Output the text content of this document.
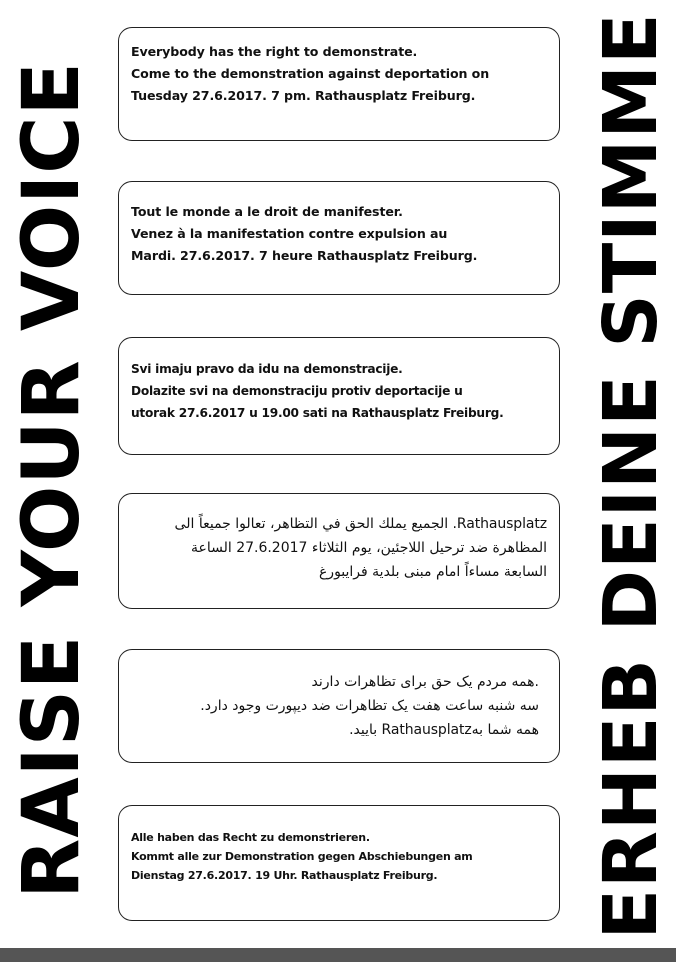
RAISE YOUR VOICE	ERHEB DEINE STIMME

Everybody has the right to demonstrate.
Come to the demonstration against deportation on
Tuesday 27.6.2017. 7 pm. Rathausplatz Freiburg.

Tout le monde a le droit de manifester.
Venez à la manifestation contre expulsion au
Mardi. 27.6.2017. 7 heure Rathausplatz Freiburg.

Svi imaju pravo da idu na demonstracije.
Dolazite svi na demonstraciju protiv deportacije u
utorak 27.6.2017 u 19.00 sati na Rathausplatz Freiburg.

Rathausplatz. الجميع يملك الحق في التظاهر، تعالوا جميعاً الى
المظاهرة ضد ترحيل اللاجئين، يوم الثلاثاء 27.6.2017 الساعة
السابعة مساءاً امام مبنى بلدية فرايبورغ

.همه مردم یک حق برای تظاهرات دارند
سه شنبه ساعت هفت یک تظاهرات ضد دیپورت وجود دارد.
همه شما بهRathausplatz بایید.

Alle haben das Recht zu demonstrieren.
Kommt alle zur Demonstration gegen Abschiebungen am
Dienstag 27.6.2017. 19 Uhr. Rathausplatz Freiburg.
